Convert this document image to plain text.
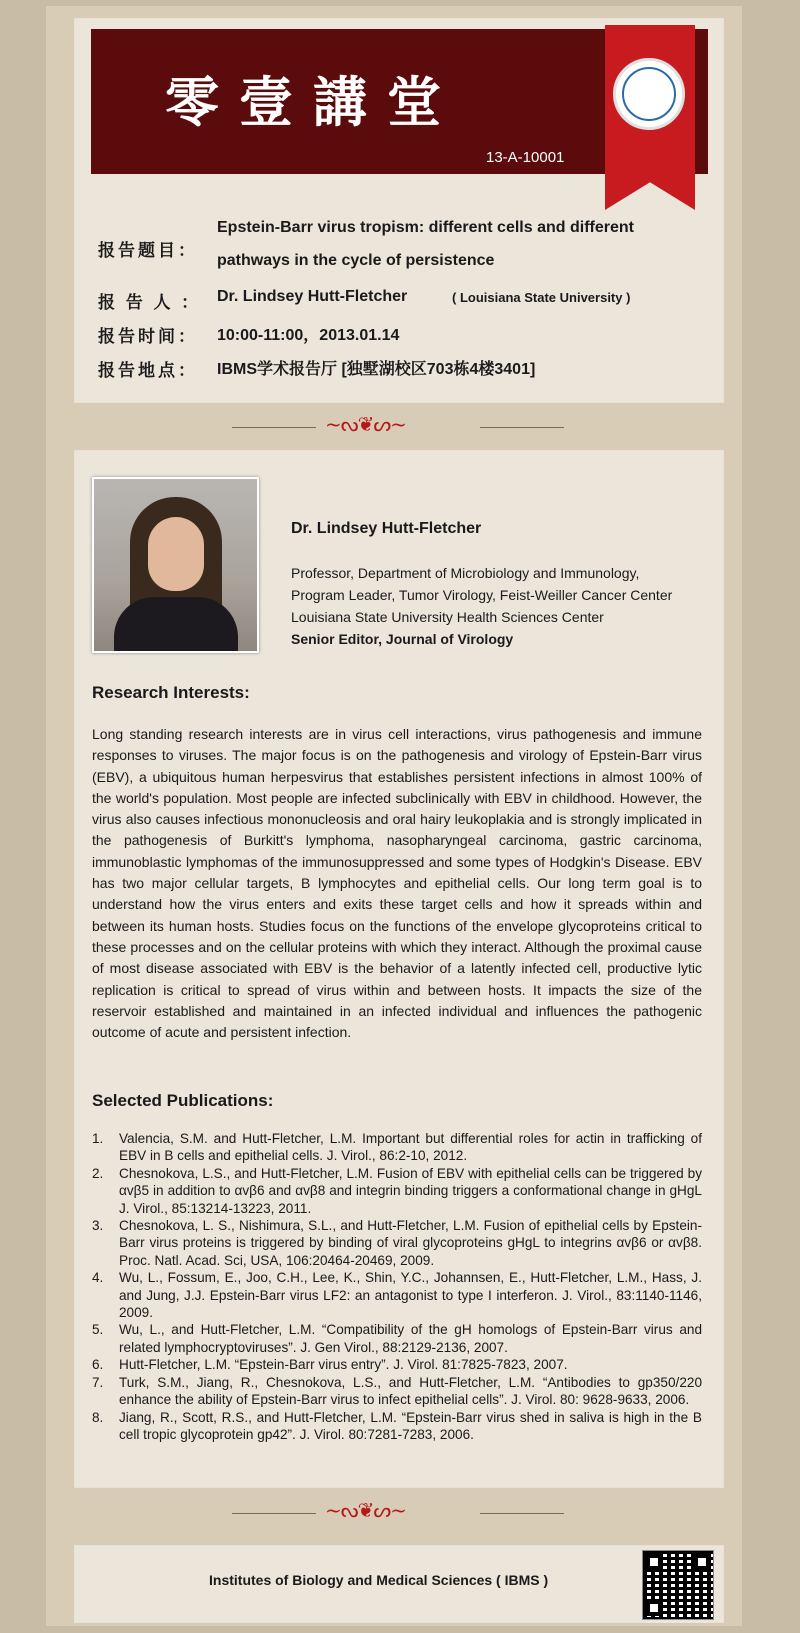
零壹講堂
13-A-10001
报告题目：
Epstein-Barr virus tropism: different cells and different
pathways in the cycle of persistence
报 告 人 ： Dr. Lindsey Hutt-Fletcher	( Louisiana State University )
报告时间： 10:00-11:00，2013.01.14
报告地点： IBMS学术报告厅 [独墅湖校区703栋4楼3401]
~ᔓ❦ᔕ~
Dr. Lindsey Hutt-Fletcher
Professor, Department of Microbiology and Immunology,
Program Leader, Tumor Virology, Feist-Weiller Cancer Center
Louisiana State University Health Sciences Center
Senior Editor, Journal of Virology
Research Interests:

Long standing research interests are in virus cell interactions, virus pathogenesis and immune responses to viruses. The major focus is on the pathogenesis and virology of Epstein-Barr virus (EBV), a ubiquitous human herpesvirus that establishes persistent infections in almost 100% of the world's population. Most people are infected subclinically with EBV in childhood. However, the virus also causes infectious mononucleosis and oral hairy leukoplakia and is strongly implicated in the pathogenesis of Burkitt's lymphoma, nasopharyngeal carcinoma, gastric carcinoma, immunoblastic lymphomas of the immunosuppressed and some types of Hodgkin's Disease. EBV has two major cellular targets, B lymphocytes and epithelial cells. Our long term goal is to understand how the virus enters and exits these target cells and how it spreads within and between its human hosts. Studies focus on the functions of the envelope glycoproteins critical to these processes and on the cellular proteins with which they interact. Although the proximal cause of most disease associated with EBV is the behavior of a latently infected cell, productive lytic replication is critical to spread of virus within and between hosts. It impacts the size of the reservoir established and maintained in an infected individual and influences the pathogenic outcome of acute and persistent infection.

Selected Publications:
1. Valencia, S.M. and Hutt-Fletcher, L.M. Important but differential roles for actin in trafficking of EBV in B cells and epithelial cells. J. Virol., 86:2-10, 2012.
2. Chesnokova, L.S., and Hutt-Fletcher, L.M. Fusion of EBV with epithelial cells can be triggered by αvβ5 in addition to αvβ6 and αvβ8 and integrin binding triggers a conformational change in gHgL J. Virol., 85:13214-13223, 2011.
3. Chesnokova, L. S., Nishimura, S.L., and Hutt-Fletcher, L.M. Fusion of epithelial cells by Epstein-Barr virus proteins is triggered by binding of viral glycoproteins gHgL to integrins αvβ6 or αvβ8. Proc. Natl. Acad. Sci, USA, 106:20464-20469, 2009.
4. Wu, L., Fossum, E., Joo, C.H., Lee, K., Shin, Y.C., Johannsen, E., Hutt-Fletcher, L.M., Hass, J. and Jung, J.J. Epstein-Barr virus LF2: an antagonist to type I interferon. J. Virol., 83:1140-1146, 2009.
5. Wu, L., and Hutt-Fletcher, L.M. “Compatibility of the gH homologs of Epstein-Barr virus and related lymphocryptoviruses”. J. Gen Virol., 88:2129-2136, 2007.
6. Hutt-Fletcher, L.M. “Epstein-Barr virus entry”. J. Virol. 81:7825-7823, 2007.
7. Turk, S.M., Jiang, R., Chesnokova, L.S., and Hutt-Fletcher, L.M. “Antibodies to gp350/220 enhance the ability of Epstein-Barr virus to infect epithelial cells”. J. Virol. 80: 9628-9633, 2006.
8. Jiang, R., Scott, R.S., and Hutt-Fletcher, L.M. “Epstein-Barr virus shed in saliva is high in the B cell tropic glycoprotein gp42”. J. Virol. 80:7281-7283, 2006.
~ᔓ❦ᔕ~
Institutes of Biology and Medical Sciences ( IBMS )
